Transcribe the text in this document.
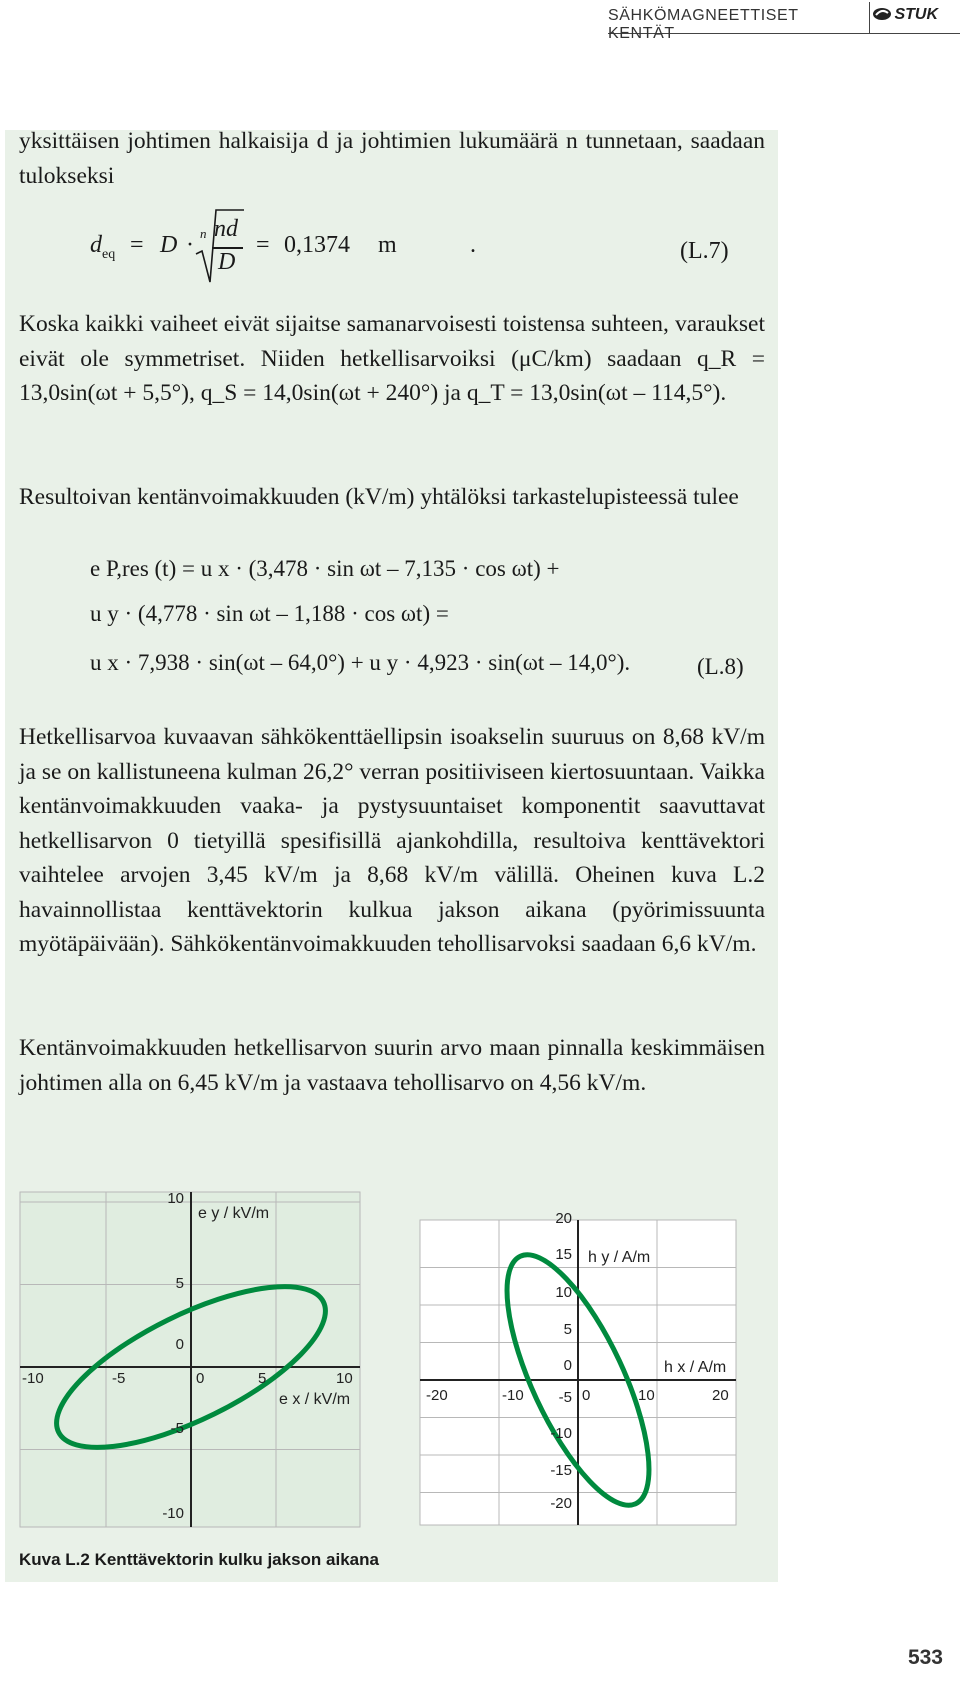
SÄHKÖMAGNEETTISET KENTÄT
STUK
yksittäisen johtimen halkaisija d ja johtimien lukumäärä n tunnetaan, saadaan tulokseksi
$d_{eq} = D \cdot n$ nd
D
= 0,1374 m	.	(L.7)
Koska kaikki vaiheet eivät sijaitse samanarvoisesti toistensa suhteen, varaukset eivät ole symmetriset. Niiden hetkellisarvoiksi (μC/km) saadaan q_R = 13,0sin(ωt + 5,5°), q_S = 14,0sin(ωt + 240°) ja q_T = 13,0sin(ωt – 114,5°).
Resultoivan kentänvoimakkuuden (kV/m) yhtälöksi tarkastelupisteessä tulee
e P,res (t) = u x · (3,478 · sin ωt – 7,135 · cos ωt) +
u y · (4,778 · sin ωt – 1,188 · cos ωt) =
u x · 7,938 · sin(ωt – 64,0°) + u y · 4,923 · sin(ωt – 14,0°).	(L.8)
Hetkellisarvoa kuvaavan sähkökenttäellipsin isoakselin suuruus on 8,68 kV/m ja se on kallistuneena kulman 26,2° verran positiiviseen kiertosuuntaan. Vaikka kentänvoimakkuuden vaaka- ja pystysuuntaiset komponentit saavuttavat hetkellisarvon 0 tietyillä spesifisillä ajankohdilla, resultoiva kenttävektori vaihtelee arvojen 3,45 kV/m ja 8,68 kV/m välillä. Oheinen kuva L.2 havainnollistaa kenttävektorin kulkua jakson aikana (pyörimissuunta myötäpäivään). Sähkökentänvoimakkuuden tehollisarvoksi saadaan 6,6 kV/m.
Kentänvoimakkuuden hetkellisarvon suurin arvo maan pinnalla keskimmäisen johtimen alla on 6,45 kV/m ja vastaava tehollisarvo on 4,56 kV/m.
-10	-5	0	5	10
10
5
0
-5
-10
e y / kV/m
e x / kV/m	-20	-10	0	10	20
20
15
10
5
0
-5
-10
-15
-20
h y / A/m
h x / A/m
Kuva L.2 Kenttävektorin kulku jakson aikana
533
